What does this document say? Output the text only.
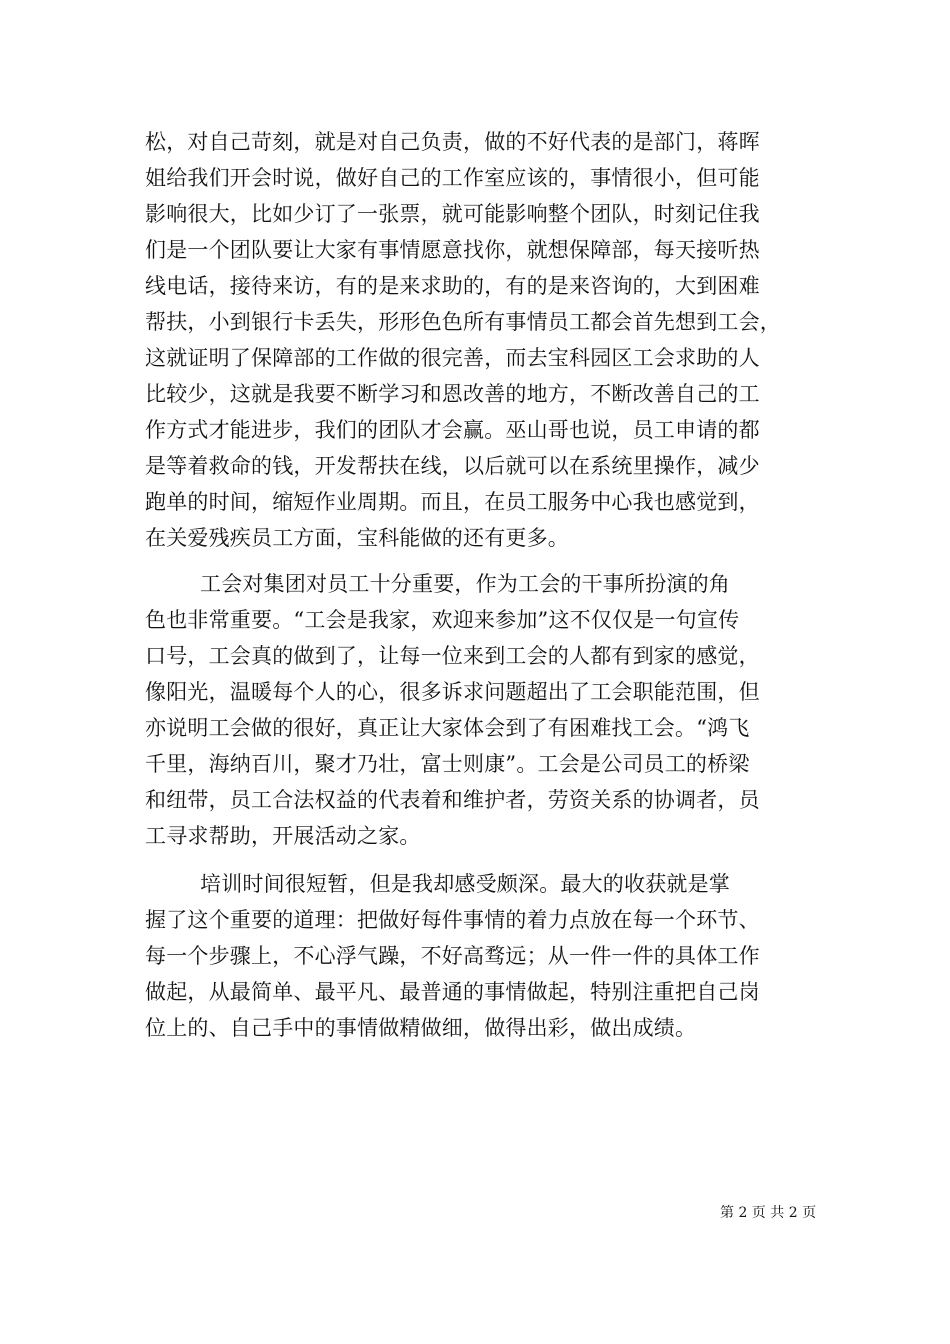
松，对自己苛刻，就是对自己负责，做的不好代表的是部门，蒋晖
姐给我们开会时说，做好自己的工作室应该的，事情很小，但可能
影响很大，比如少订了一张票，就可能影响整个团队，时刻记住我
们是一个团队要让大家有事情愿意找你，就想保障部，每天接听热
线电话，接待来访，有的是来求助的，有的是来咨询的，大到困难
帮扶，小到银行卡丢失，形形色色所有事情员工都会首先想到工会，
这就证明了保障部的工作做的很完善，而去宝科园区工会求助的人
比较少，这就是我要不断学习和恩改善的地方，不断改善自己的工
作方式才能进步，我们的团队才会赢。巫山哥也说，员工申请的都
是等着救命的钱，开发帮扶在线，以后就可以在系统里操作，减少
跑单的时间，缩短作业周期。而且，在员工服务中心我也感觉到，
在关爱残疾员工方面，宝科能做的还有更多。
工会对集团对员工十分重要，作为工会的干事所扮演的角
色也非常重要。“工会是我家，欢迎来参加”这不仅仅是一句宣传
口号，工会真的做到了，让每一位来到工会的人都有到家的感觉，
像阳光，温暖每个人的心，很多诉求问题超出了工会职能范围，但
亦说明工会做的很好，真正让大家体会到了有困难找工会。“鸿飞
千里，海纳百川，聚才乃壮，富士则康”。工会是公司员工的桥梁
和纽带，员工合法权益的代表着和维护者，劳资关系的协调者，员
工寻求帮助，开展活动之家。
培训时间很短暂，但是我却感受颇深。最大的收获就是掌
握了这个重要的道理：把做好每件事情的着力点放在每一个环节、
每一个步骤上，不心浮气躁，不好高骛远；从一件一件的具体工作
做起，从最简单、最平凡、最普通的事情做起，特别注重把自己岗
位上的、自己手中的事情做精做细，做得出彩，做出成绩。
第 2 页 共 2 页
